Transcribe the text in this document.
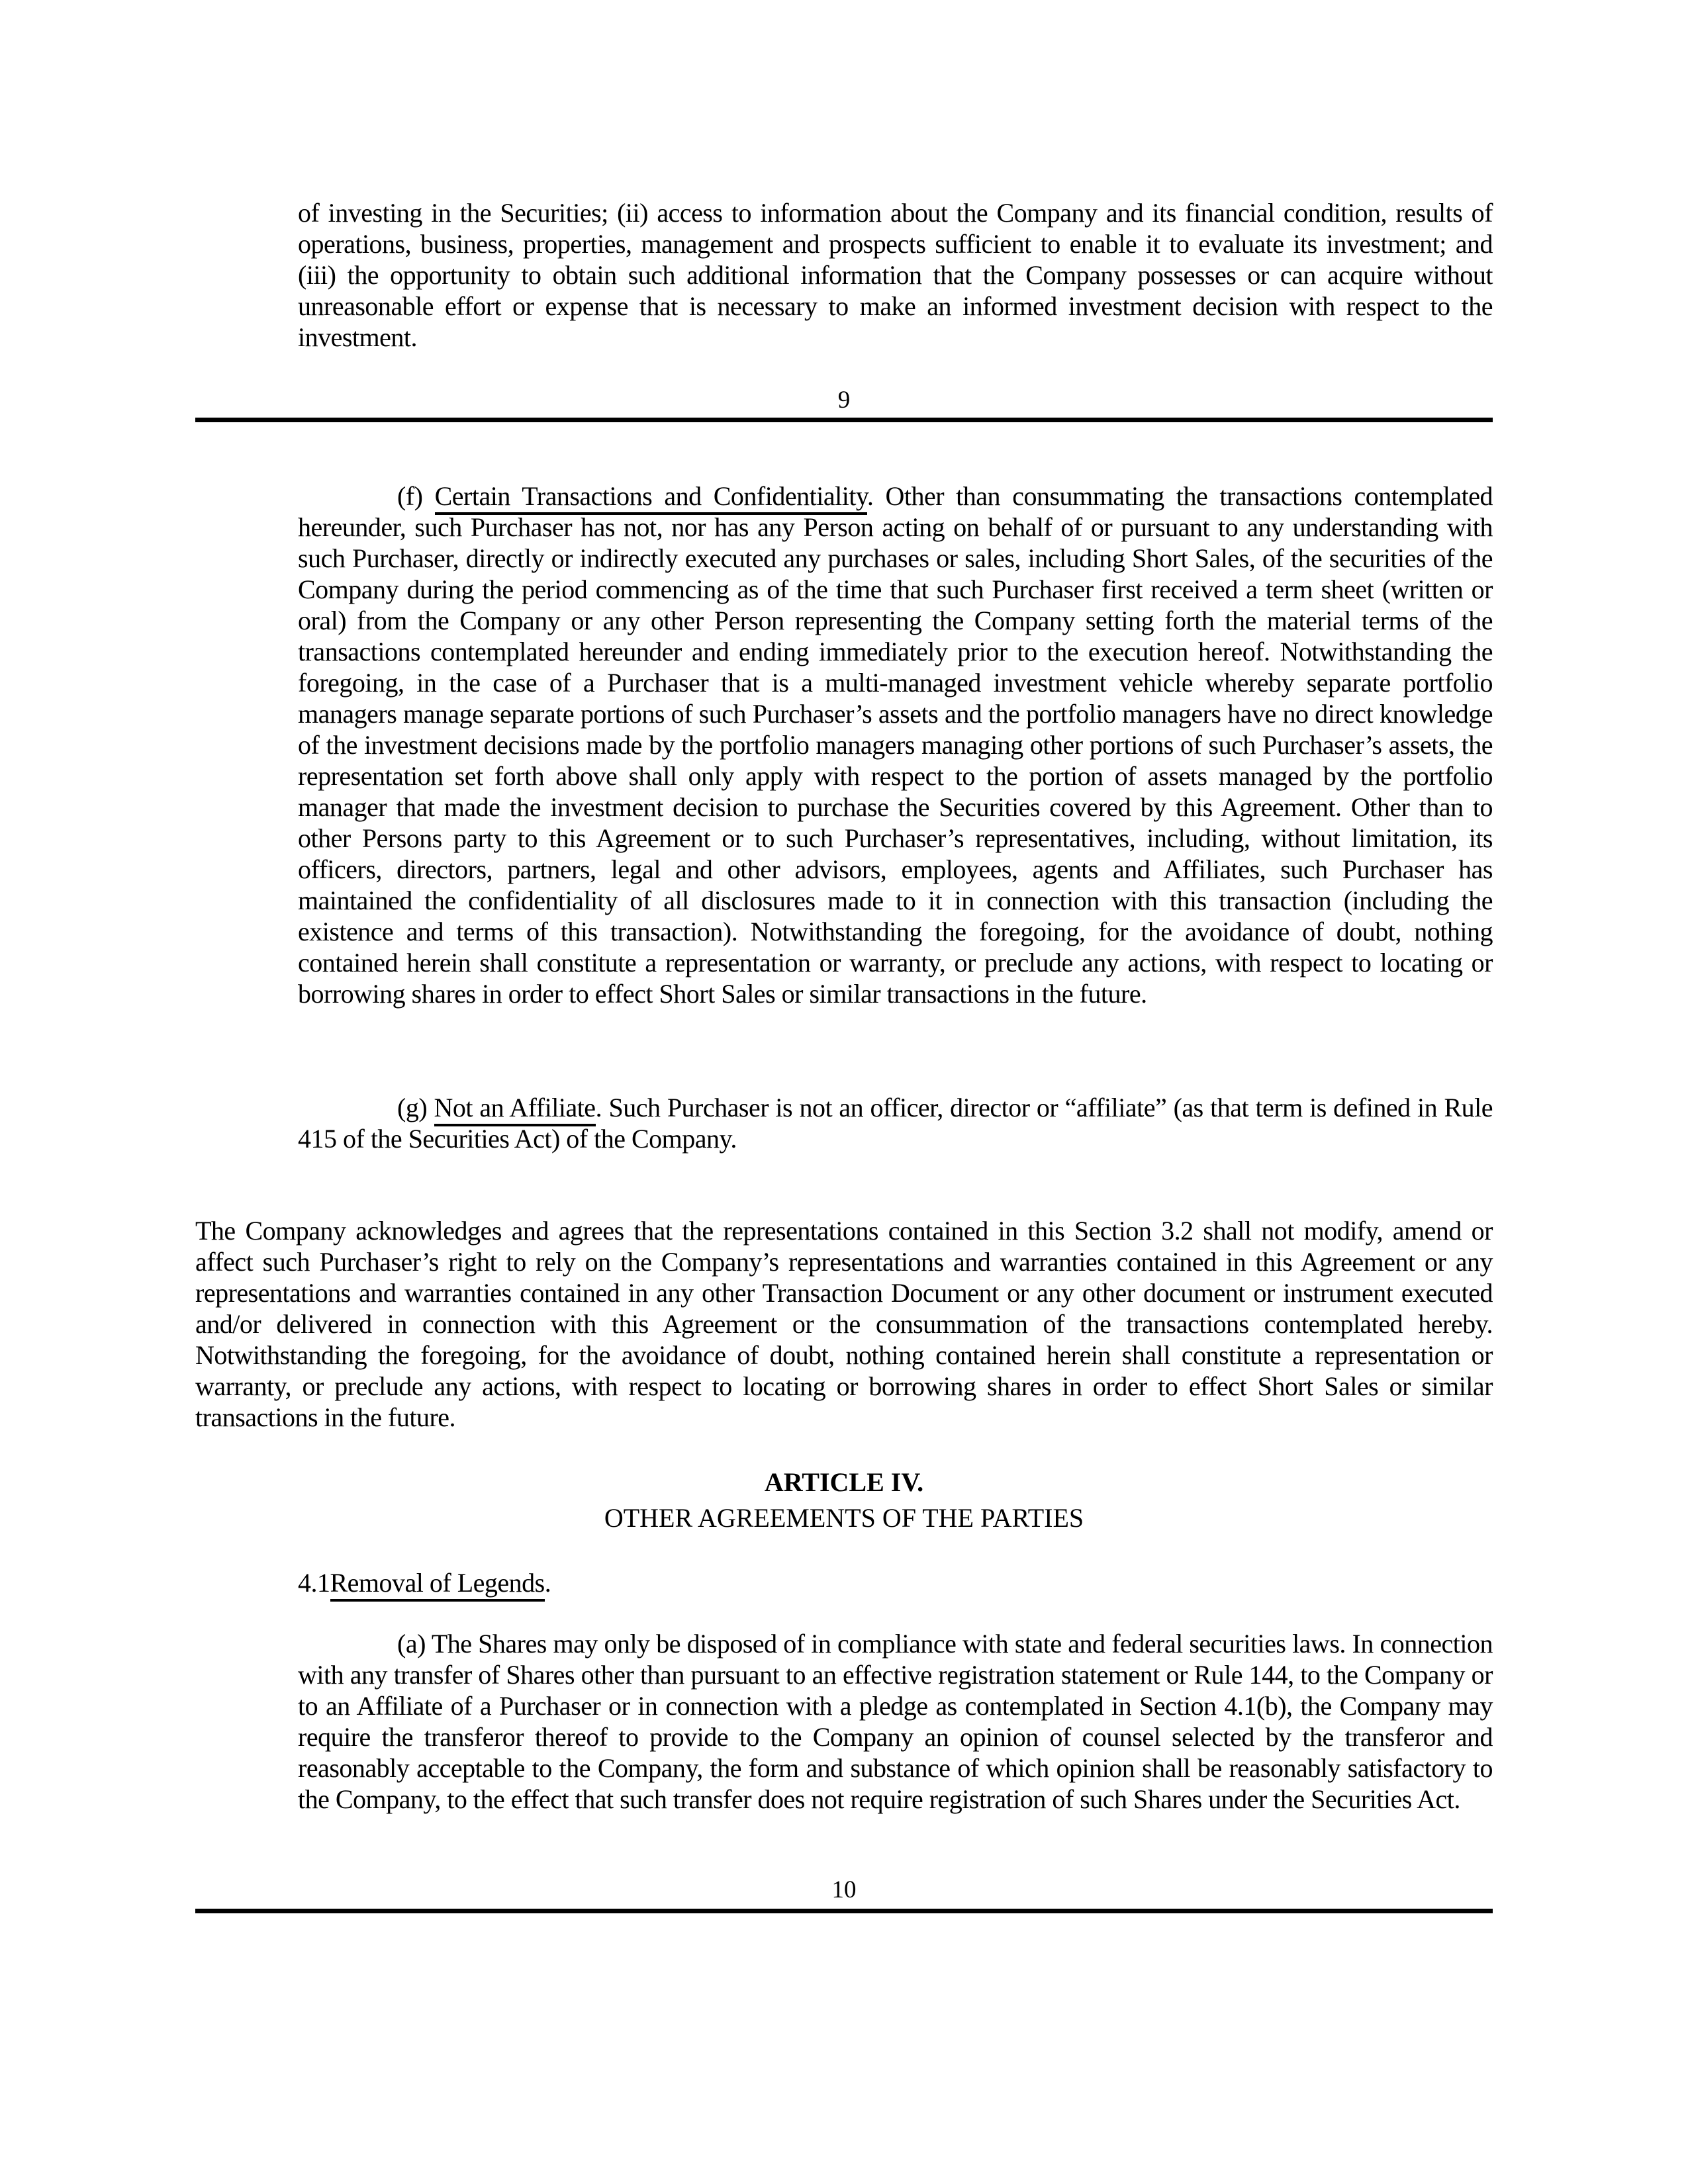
of investing in the Securities; (ii) access to information about the Company and its financial condition, results of operations, business, properties, management and prospects sufficient to enable it to evaluate its investment; and (iii) the opportunity to obtain such additional information that the Company possesses or can acquire without unreasonable effort or expense that is necessary to make an informed investment decision with respect to the investment.

9

(f) Certain Transactions and Confidentiality. Other than consummating the transactions contemplated hereunder, such Purchaser has not, nor has any Person acting on behalf of or pursuant to any understanding with such Purchaser, directly or indirectly executed any purchases or sales, including Short Sales, of the securities of the Company during the period commencing as of the time that such Purchaser first received a term sheet (written or oral) from the Company or any other Person representing the Company setting forth the material terms of the transactions contemplated hereunder and ending immediately prior to the execution hereof. Notwithstanding the foregoing, in the case of a Purchaser that is a multi-managed investment vehicle whereby separate portfolio managers manage separate portions of such Purchaser’s assets and the portfolio managers have no direct knowledge of the investment decisions made by the portfolio managers managing other portions of such Purchaser’s assets, the representation set forth above shall only apply with respect to the portion of assets managed by the portfolio manager that made the investment decision to purchase the Securities covered by this Agreement. Other than to other Persons party to this Agreement or to such Purchaser’s representatives, including, without limitation, its officers, directors, partners, legal and other advisors, employees, agents and Affiliates, such Purchaser has maintained the confidentiality of all disclosures made to it in connection with this transaction (including the existence and terms of this transaction). Notwithstanding the foregoing, for the avoidance of doubt, nothing contained herein shall constitute a representation or warranty, or preclude any actions, with respect to locating or borrowing shares in order to effect Short Sales or similar transactions in the future.

(g) Not an Affiliate. Such Purchaser is not an officer, director or “affiliate” (as that term is defined in Rule 415 of the Securities Act) of the Company.

The Company acknowledges and agrees that the representations contained in this Section 3.2 shall not modify, amend or affect such Purchaser’s right to rely on the Company’s representations and warranties contained in this Agreement or any representations and warranties contained in any other Transaction Document or any other document or instrument executed and/or delivered in connection with this Agreement or the consummation of the transactions contemplated hereby. Notwithstanding the foregoing, for the avoidance of doubt, nothing contained herein shall constitute a representation or warranty, or preclude any actions, with respect to locating or borrowing shares in order to effect Short Sales or similar transactions in the future.

ARTICLE IV.
OTHER AGREEMENTS OF THE PARTIES

4.1Removal of Legends.

(a) The Shares may only be disposed of in compliance with state and federal securities laws. In connection with any transfer of Shares other than pursuant to an effective registration statement or Rule 144, to the Company or to an Affiliate of a Purchaser or in connection with a pledge as contemplated in Section 4.1(b), the Company may require the transferor thereof to provide to the Company an opinion of counsel selected by the transferor and reasonably acceptable to the Company, the form and substance of which opinion shall be reasonably satisfactory to the Company, to the effect that such transfer does not require registration of such Shares under the Securities Act.

10
